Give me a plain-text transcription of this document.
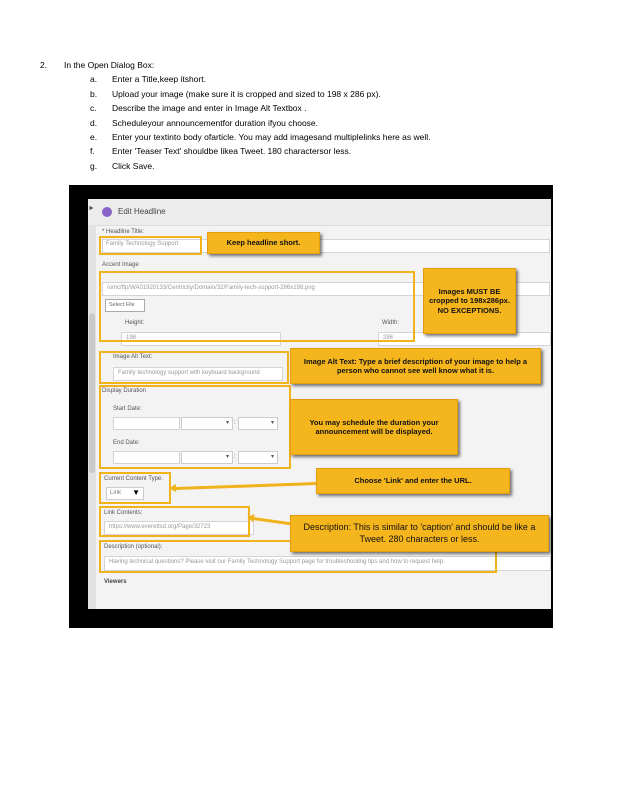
2.	In the Open Dialog Box:
a.	Enter a Title,keep itshort.
b.	Upload your image (make sure it is cropped and sized to 198 x 286 px).
c.	Describe the image and enter in Image Alt Textbox .
d.	Scheduleyour announcementfor duration ifyou choose.
e.	Enter your textinto body ofarticle. You may add imagesand multiplelinks here as well.
f.	Enter 'Teaser Text' shouldbe likea Tweet. 180 charactersor less.
g.	Click Save.
►	Edit Headline
* Headline Title:
Family Technology Support
Accent Image
/umc/ftp/WA01920133/Centricity/Domain/32/Family-tech-support-286x198.png
Select File
Height:
198
Width:
286
Image Alt Text:
Family technology support with keyboard background
Display Duration
Start Date:
▾ :	▾
End Date:
▾ :	▾
Current Content Type:
Link ▼
Link Contents:
https://www.everettsd.org/Page/32723
Description (optional):
Having technical questions? Please visit our Family Technology Support page for troubleshooting tips and how to request help.
Viewers
Keep headline short.
Images MUST BE cropped to 198x286px. NO EXCEPTIONS.
Image Alt Text: Type a brief description of your image to help a person who cannot see well know what it is.
You may schedule the duration your announcement will be displayed.
Choose 'Link' and enter the URL.
Description: This is similar to 'caption' and should be like a Tweet. 280 characters or less.
